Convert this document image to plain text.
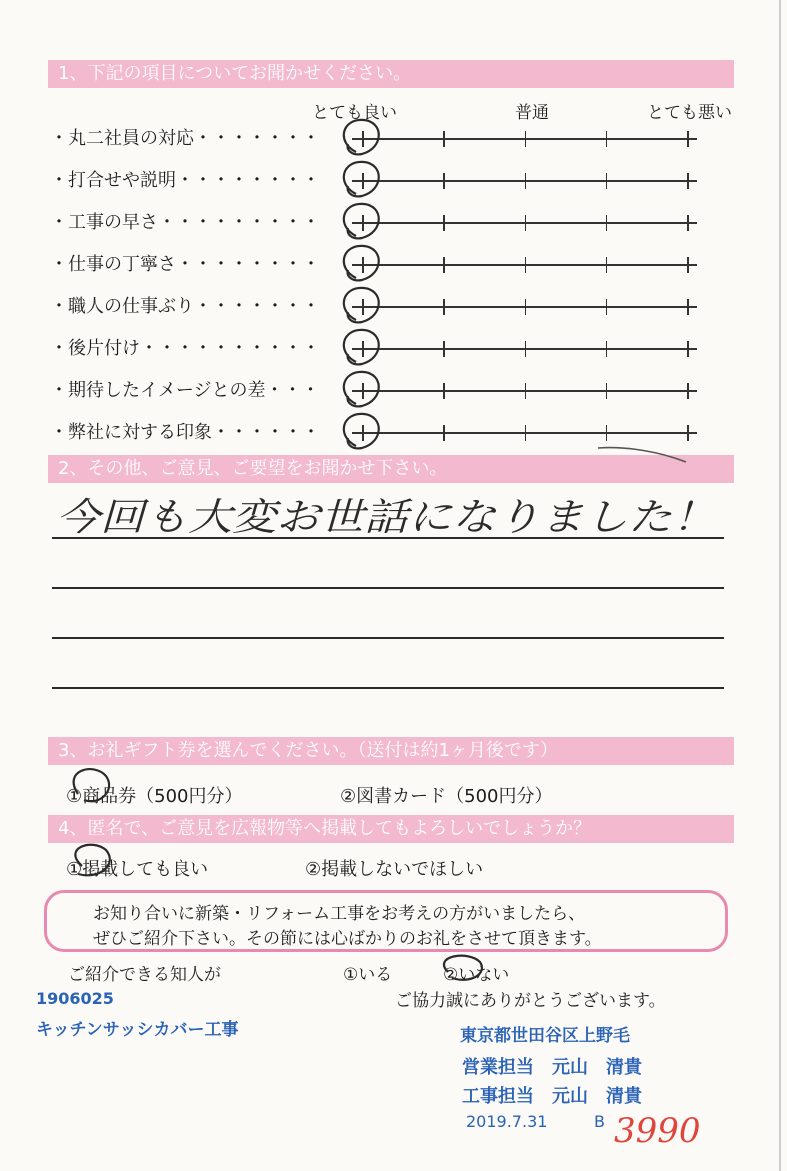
1、下記の項目についてお聞かせください。
とても良い	普通	とても悪い
・丸二社員の対応・・・・・・・
・打合せや説明・・・・・・・・
・工事の早さ・・・・・・・・・
・仕事の丁寧さ・・・・・・・・
・職人の仕事ぶり・・・・・・・
・後片付け・・・・・・・・・・
・期待したイメージとの差・・・
・弊社に対する印象・・・・・・
2、その他、ご意見、ご要望をお聞かせ下さい。
3、お礼ギフト券を選んでください。（送付は約1ヶ月後です）
①商品券（500円分）	②図書カード（500円分）
4、匿名で、ご意見を広報物等へ掲載してもよろしいでしょうか？
①掲載しても良い	②掲載しないでほしい
お知り合いに新築・リフォーム工事をお考えの方がいましたら、
ぜひご紹介下さい。その節には心ばかりのお礼をさせて頂きます。
ご紹介できる知人が	①いる	②いない
ご協力誠にありがとうございます。
1906025
キッチンサッシカバー工事	東京都世田谷区上野毛
営業担当　元山　清貴
工事担当　元山　清貴
2019.7.31	B
今回も大変お世話になりました！
3990
